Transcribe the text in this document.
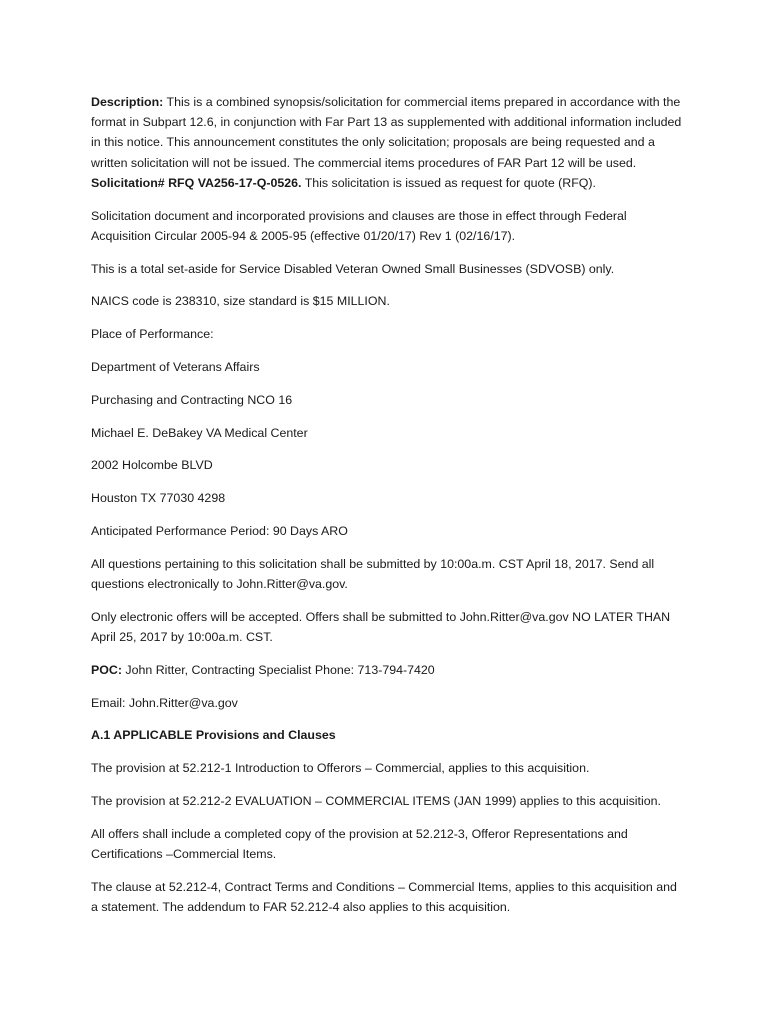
Description: This is a combined synopsis/solicitation for commercial items prepared in accordance with the format in Subpart 12.6, in conjunction with Far Part 13 as supplemented with additional information included in this notice. This announcement constitutes the only solicitation; proposals are being requested and a written solicitation will not be issued. The commercial items procedures of FAR Part 12 will be used. Solicitation# RFQ VA256-17-Q-0526. This solicitation is issued as request for quote (RFQ).

Solicitation document and incorporated provisions and clauses are those in effect through Federal Acquisition Circular 2005-94 & 2005-95 (effective 01/20/17) Rev 1 (02/16/17).

This is a total set-aside for Service Disabled Veteran Owned Small Businesses (SDVOSB) only.

NAICS code is 238310, size standard is $15 MILLION.

Place of Performance:

Department of Veterans Affairs

Purchasing and Contracting NCO 16

Michael E. DeBakey VA Medical Center

2002 Holcombe BLVD

Houston TX 77030 4298

Anticipated Performance Period: 90 Days ARO

All questions pertaining to this solicitation shall be submitted by 10:00a.m. CST April 18, 2017. Send all questions electronically to John.Ritter@va.gov.

Only electronic offers will be accepted. Offers shall be submitted to John.Ritter@va.gov NO LATER THAN April 25, 2017 by 10:00a.m. CST.

POC: John Ritter, Contracting Specialist Phone: 713-794-7420

Email: John.Ritter@va.gov

A.1 APPLICABLE Provisions and Clauses

The provision at 52.212-1 Introduction to Offerors – Commercial, applies to this acquisition.

The provision at 52.212-2 EVALUATION – COMMERCIAL ITEMS (JAN 1999) applies to this acquisition.

All offers shall include a completed copy of the provision at 52.212-3, Offeror Representations and Certifications –Commercial Items.

The clause at 52.212-4, Contract Terms and Conditions – Commercial Items, applies to this acquisition and a statement. The addendum to FAR 52.212-4 also applies to this acquisition.
